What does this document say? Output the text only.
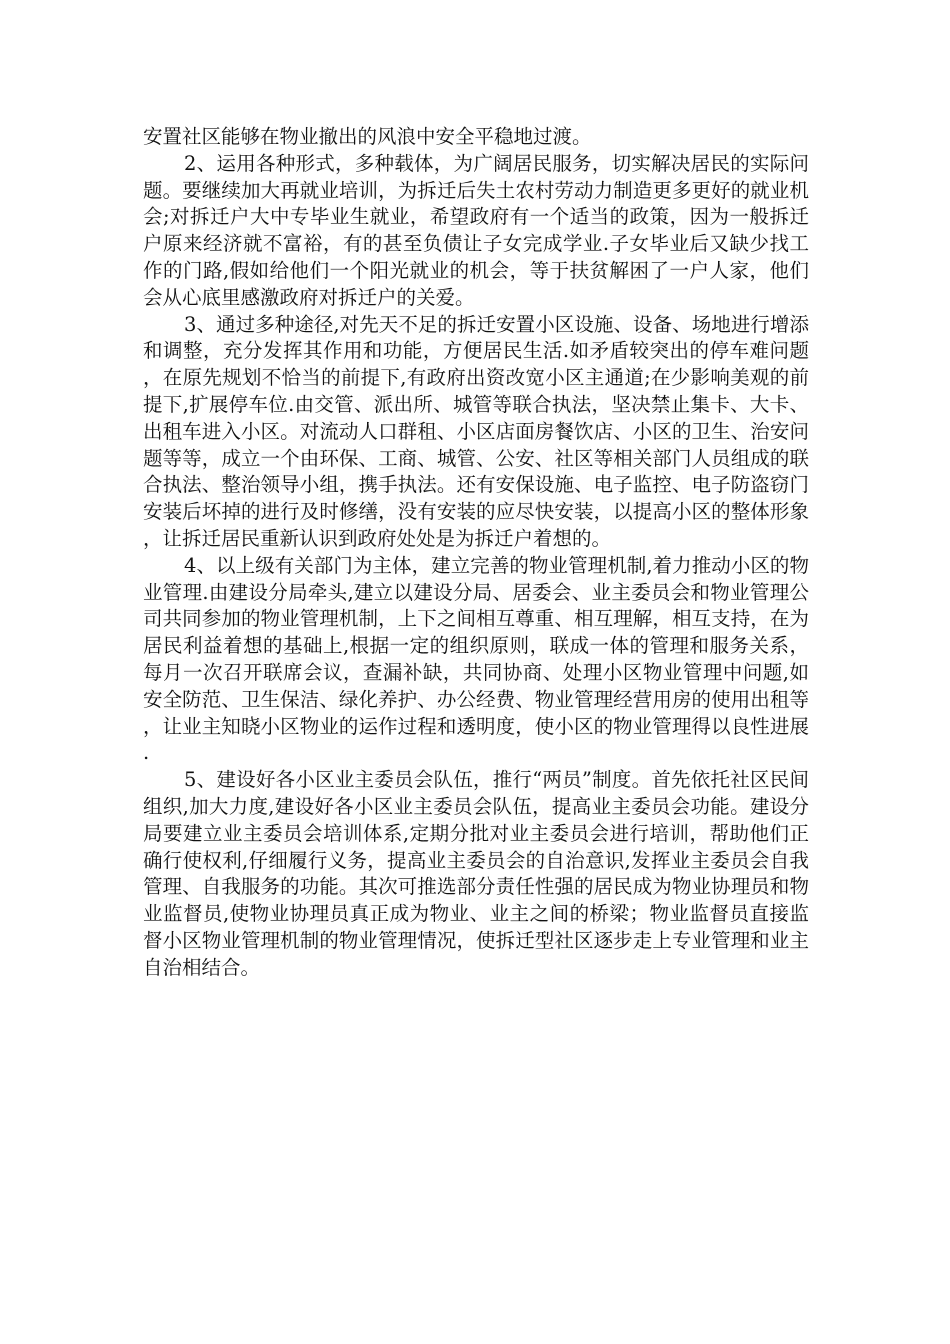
安置社区能够在物业撤出的风浪中安全平稳地过渡。

2、运用各种形式，多种载体，为广阔居民服务，切实解决居民的实际问题。要继续加大再就业培训，为拆迁后失土农村劳动力制造更多更好的就业机会;对拆迁户大中专毕业生就业，希望政府有一个适当的政策，因为一般拆迁户原来经济就不富裕，有的甚至负债让子女完成学业.子女毕业后又缺少找工作的门路,假如给他们一个阳光就业的机会，等于扶贫解困了一户人家，他们会从心底里感激政府对拆迁户的关爱。

3、通过多种途径,对先天不足的拆迁安置小区设施、设备、场地进行增添和调整，充分发挥其作用和功能，方便居民生活.如矛盾较突出的停车难问题，在原先规划不恰当的前提下,有政府出资改宽小区主通道;在少影响美观的前提下,扩展停车位.由交管、派出所、城管等联合执法，坚决禁止集卡、大卡、出租车进入小区。对流动人口群租、小区店面房餐饮店、小区的卫生、治安问题等等，成立一个由环保、工商、城管、公安、社区等相关部门人员组成的联合执法、整治领导小组，携手执法。还有安保设施、电子监控、电子防盗窃门安装后坏掉的进行及时修缮，没有安装的应尽快安装，以提高小区的整体形象，让拆迁居民重新认识到政府处处是为拆迁户着想的。

4、以上级有关部门为主体，建立完善的物业管理机制,着力推动小区的物业管理.由建设分局牵头,建立以建设分局、居委会、业主委员会和物业管理公司共同参加的物业管理机制，上下之间相互尊重、相互理解，相互支持，在为居民利益着想的基础上,根据一定的组织原则，联成一体的管理和服务关系，每月一次召开联席会议，查漏补缺，共同协商、处理小区物业管理中问题,如安全防范、卫生保洁、绿化养护、办公经费、物业管理经营用房的使用出租等，让业主知晓小区物业的运作过程和透明度，使小区的物业管理得以良性进展.

5、建设好各小区业主委员会队伍，推行“两员”制度。首先依托社区民间组织,加大力度,建设好各小区业主委员会队伍，提高业主委员会功能。建设分局要建立业主委员会培训体系,定期分批对业主委员会进行培训，帮助他们正确行使权利,仔细履行义务，提高业主委员会的自治意识,发挥业主委员会自我管理、自我服务的功能。其次可推选部分责任性强的居民成为物业协理员和物业监督员,使物业协理员真正成为物业、业主之间的桥梁；物业监督员直接监督小区物业管理机制的物业管理情况，使拆迁型社区逐步走上专业管理和业主自治相结合。
